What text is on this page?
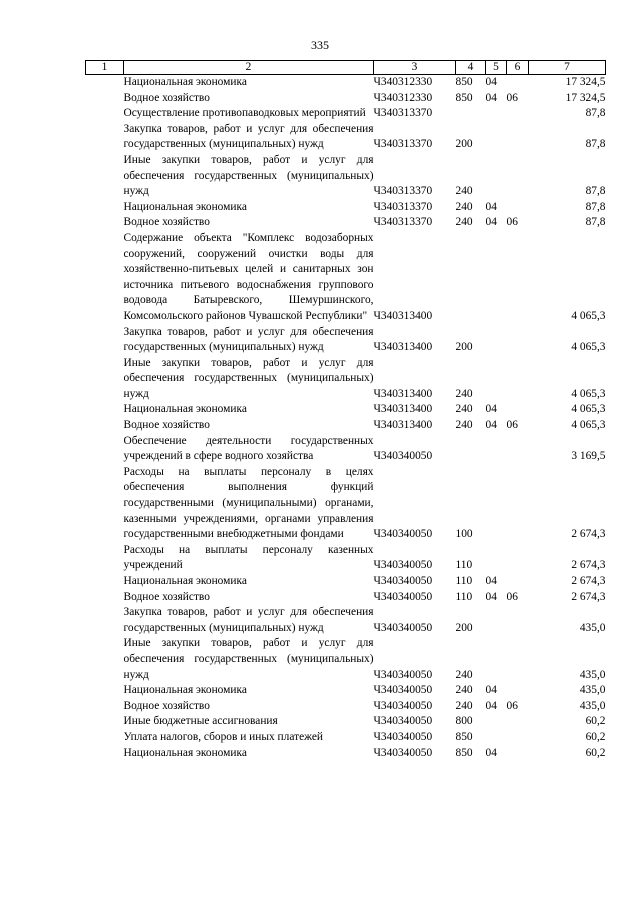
335
1	2	3	4	5	6	7
	Национальная экономика	Ч340312330	850	04		17 324,5
	Водное хозяйство	Ч340312330	850	04	06	17 324,5
	Осуществление противопаводковых мероприятий	Ч340313370				87,8
	Закупка товаров, работ и услуг для обеспечения государственных (муниципальных) нужд	Ч340313370	200			87,8
	Иные закупки товаров, работ и услуг для обеспечения государственных (муниципальных) нужд	Ч340313370	240			87,8
	Национальная экономика	Ч340313370	240	04		87,8
	Водное хозяйство	Ч340313370	240	04	06	87,8
	Содержание объекта "Комплекс водозаборных сооружений, сооружений очистки воды для хозяйственно-питьевых целей и санитарных зон источника питьевого водоснабжения группового водовода Батыревского, Шемуршинского, Комсомольского районов Чувашской Республики"	Ч340313400				4 065,3
	Закупка товаров, работ и услуг для обеспечения государственных (муниципальных) нужд	Ч340313400	200			4 065,3
	Иные закупки товаров, работ и услуг для обеспечения государственных (муниципальных) нужд	Ч340313400	240			4 065,3
	Национальная экономика	Ч340313400	240	04		4 065,3
	Водное хозяйство	Ч340313400	240	04	06	4 065,3
	Обеспечение деятельности государственных учреждений в сфере водного хозяйства	Ч340340050				3 169,5
	Расходы на выплаты персоналу в целях обеспечения выполнения функций государственными (муниципальными) органами, казенными учреждениями, органами управления государственными внебюджетными фондами	Ч340340050	100			2 674,3
	Расходы на выплаты персоналу казенных учреждений	Ч340340050	110			2 674,3
	Национальная экономика	Ч340340050	110	04		2 674,3
	Водное хозяйство	Ч340340050	110	04	06	2 674,3
	Закупка товаров, работ и услуг для обеспечения государственных (муниципальных) нужд	Ч340340050	200			435,0
	Иные закупки товаров, работ и услуг для обеспечения государственных (муниципальных) нужд	Ч340340050	240			435,0
	Национальная экономика	Ч340340050	240	04		435,0
	Водное хозяйство	Ч340340050	240	04	06	435,0
	Иные бюджетные ассигнования	Ч340340050	800			60,2
	Уплата налогов, сборов и иных платежей	Ч340340050	850			60,2
	Национальная экономика	Ч340340050	850	04		60,2
